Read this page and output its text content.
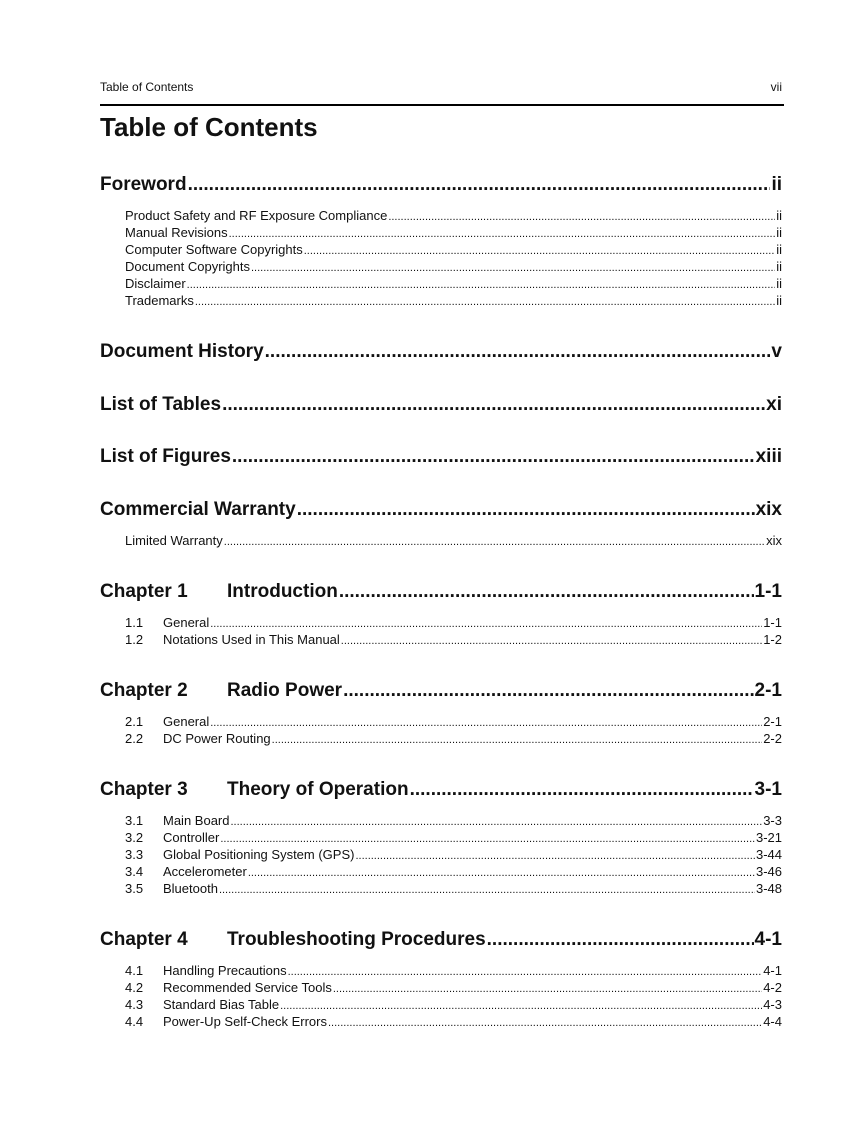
Table of Contents	vii
Table of Contents
Foreword .....	ii
Product Safety and RF Exposure Compliance .....	ii
Manual Revisions .....	ii
Computer Software Copyrights .....	ii
Document Copyrights .....	ii
Disclaimer .....	ii
Trademarks .....	ii
Document History .....	v
List of Tables .....	xi
List of Figures .....	xiii
Commercial Warranty .....	xix
Limited Warranty .....	xix
Chapter 1	Introduction .....	1-1
1.1	General .....	1-1
1.2	Notations Used in This Manual .....	1-2
Chapter 2	Radio Power .....	2-1
2.1	General .....	2-1
2.2	DC Power Routing .....	2-2
Chapter 3	Theory of Operation .....	3-1
3.1	Main Board .....	3-3
3.2	Controller .....	3-21
3.3	Global Positioning System (GPS) .....	3-44
3.4	Accelerometer .....	3-46
3.5	Bluetooth .....	3-48
Chapter 4	Troubleshooting Procedures .....	4-1
4.1	Handling Precautions .....	4-1
4.2	Recommended Service Tools .....	4-2
4.3	Standard Bias Table .....	4-3
4.4	Power-Up Self-Check Errors .....	4-4
